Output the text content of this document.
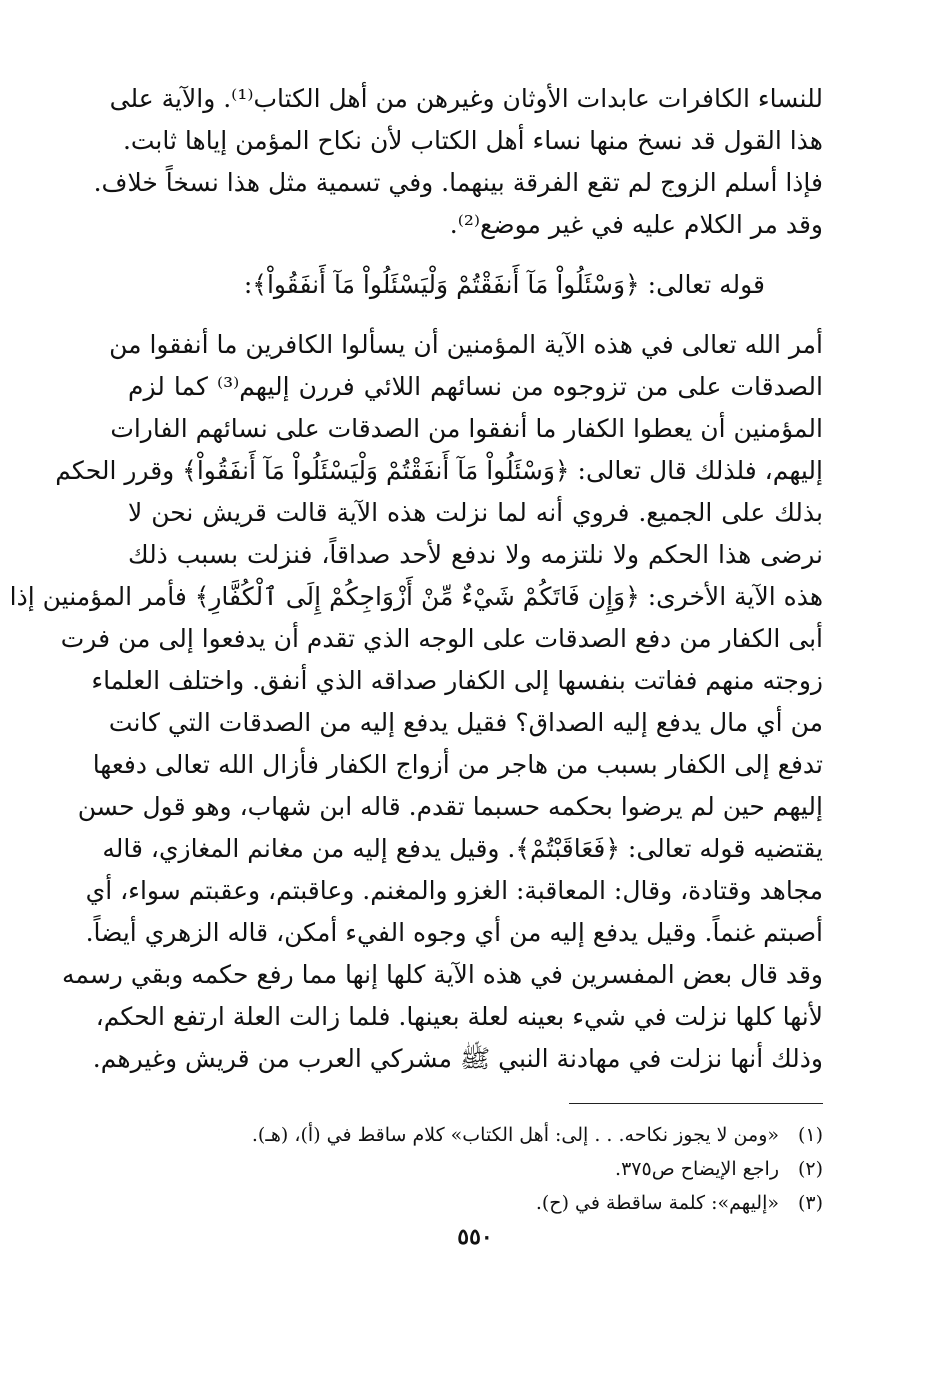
للنساء الكافرات عابدات الأوثان وغيرهن من أهل الكتاب⁽¹⁾. والآية على
هذا القول قد نسخ منها نساء أهل الكتاب لأن نكاح المؤمن إياها ثابت.
فإذا أسلم الزوج لم تقع الفرقة بينهما. وفي تسمية مثل هذا نسخاً خلاف.
وقد مر الكلام عليه في غير موضع⁽²⁾.
قوله تعالى: ﴿وَسْئَلُواْ مَآ أَنفَقْتُمْ وَلْيَسْئَلُواْ مَآ أَنفَقُواْ﴾:
أمر الله تعالى في هذه الآية المؤمنين أن يسألوا الكافرين ما أنفقوا من
الصدقات على من تزوجوه من نسائهم اللائي فررن إليهم⁽³⁾ كما لزم
المؤمنين أن يعطوا الكفار ما أنفقوا من الصدقات على نسائهم الفارات
إليهم، فلذلك قال تعالى: ﴿وَسْئَلُواْ مَآ أَنفَقْتُمْ وَلْيَسْئَلُواْ مَآ أَنفَقُواْ﴾ وقرر الحكم
بذلك على الجميع. فروي أنه لما نزلت هذه الآية قالت قريش نحن لا
نرضى هذا الحكم ولا نلتزمه ولا ندفع لأحد صداقاً، فنزلت بسبب ذلك
هذه الآية الأخرى: ﴿وَإِن فَاتَكُمْ شَيْءٌ مِّنْ أَزْوَاجِكُمْ إِلَى ٱلْكُفَّارِ﴾ فأمر المؤمنين إذا
أبى الكفار من دفع الصدقات على الوجه الذي تقدم أن يدفعوا إلى من فرت
زوجته منهم ففاتت بنفسها إلى الكفار صداقه الذي أنفق. واختلف العلماء
من أي مال يدفع إليه الصداق؟ فقيل يدفع إليه من الصدقات التي كانت
تدفع إلى الكفار بسبب من هاجر من أزواج الكفار فأزال الله تعالى دفعها
إليهم حين لم يرضوا بحكمه حسبما تقدم. قاله ابن شهاب، وهو قول حسن
يقتضيه قوله تعالى: ﴿فَعَاقَبْتُمْ﴾. وقيل يدفع إليه من مغانم المغازي، قاله
مجاهد وقتادة، وقال: المعاقبة: الغزو والمغنم. وعاقبتم، وعقبتم سواء، أي
أصبتم غنماً. وقيل يدفع إليه من أي وجوه الفيء أمكن، قاله الزهري أيضاً.
وقد قال بعض المفسرين في هذه الآية كلها إنها مما رفع حكمه وبقي رسمه
لأنها كلها نزلت في شيء بعينه لعلة بعينها. فلما زالت العلة ارتفع الحكم،
وذلك أنها نزلت في مهادنة النبي ﷺ مشركي العرب من قريش وغيرهم.
(١)«ومن لا يجوز نكاحه. . . إلى: أهل الكتاب» كلام ساقط في (أ)، (هـ).
(٢)راجع الإيضاح ص٣٧٥.
(٣)«إليهم»: كلمة ساقطة في (ح).
٥٥٠
